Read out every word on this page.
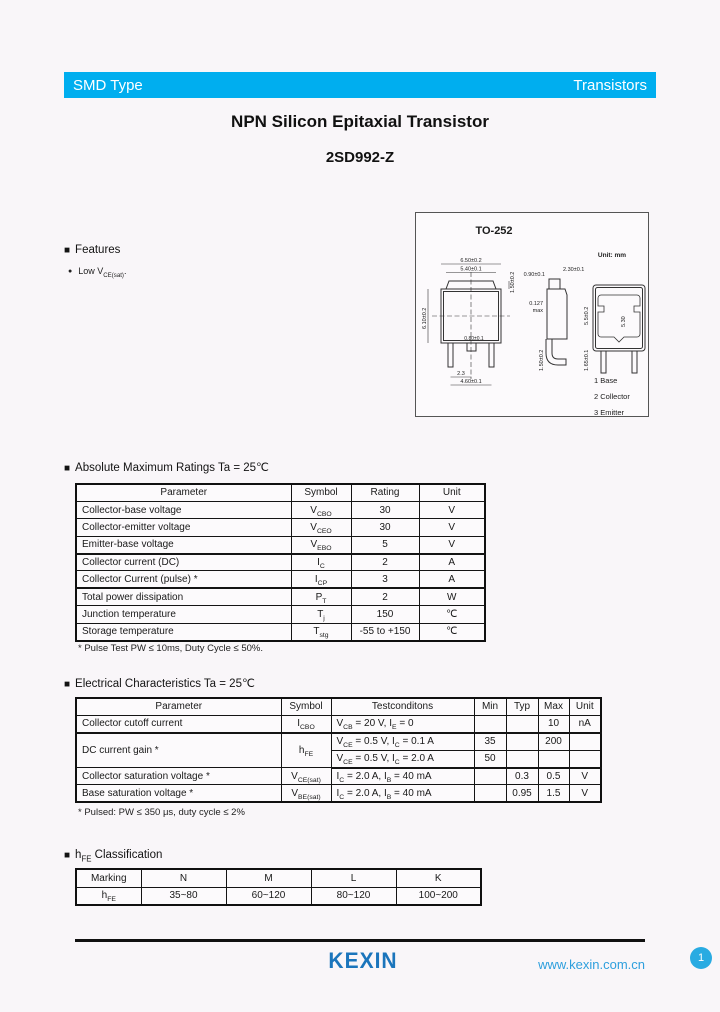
SMD Type	Transistors
NPN Silicon Epitaxial Transistor
2SD992-Z
■ Features
● Low $V_{CE(sat)}$.
TO-252
Unit: mm
6.50±0.2
5.40±0.1
1.50±0.2
6.10±0.2
0.80±0.1
2.3
4.60±0.1
0.90±0.1
2.30±0.1
0.127
max	5.5±0.2
1.65±0.1
1.50±0.2
5.30
1 Base
2 Collector
3 Emitter
■ Absolute Maximum Ratings Ta = 25℃
Parameter	Symbol	Rating	Unit
Collector-base voltage	$V_{CBO}$	30	V
Collector-emitter voltage	$V_{CEO}$	30	V
Emitter-base voltage	$V_{EBO}$	5	V
Collector current (DC)	$I_C$	2	A
Collector Current (pulse) *	$I_{CP}$	3	A
Total power dissipation	$P_T$	2	W
Junction temperature	$T_j$	150	℃
Storage temperature	$T_{stg}$	-55 to +150	℃
* Pulse Test PW ≤ 10ms, Duty Cycle ≤ 50%.
■ Electrical Characteristics Ta = 25℃
Parameter	Symbol	Testconditons	Min	Typ	Max	Unit
Collector cutoff current	$I_{CBO}$	$V_{CB} = 20$ V, $I_E = 0$			10	nA
DC current gain *	$h_{FE}$	$V_{CE} = 0.5$ V, $I_C = 0.1$ A	35		200	
		$V_{CE} = 0.5$ V, $I_C = 2.0$ A	50			
Collector saturation voltage *	$V_{CE(sat)}$	$I_C = 2.0$ A, $I_B = 40$ mA		0.3	0.5	V
Base saturation voltage *	$V_{BE(sat)}$	$I_C = 2.0$ A, $I_B = 40$ mA		0.95	1.5	V
* Pulsed: PW ≤ 350 μs, duty cycle ≤ 2%
■ $h_{FE}$ Classification
Marking	N	M	L	K
$h_{FE}$	35~80	60~120	80~120	100~200
KEXIN	www.kexin.com.cn	1
